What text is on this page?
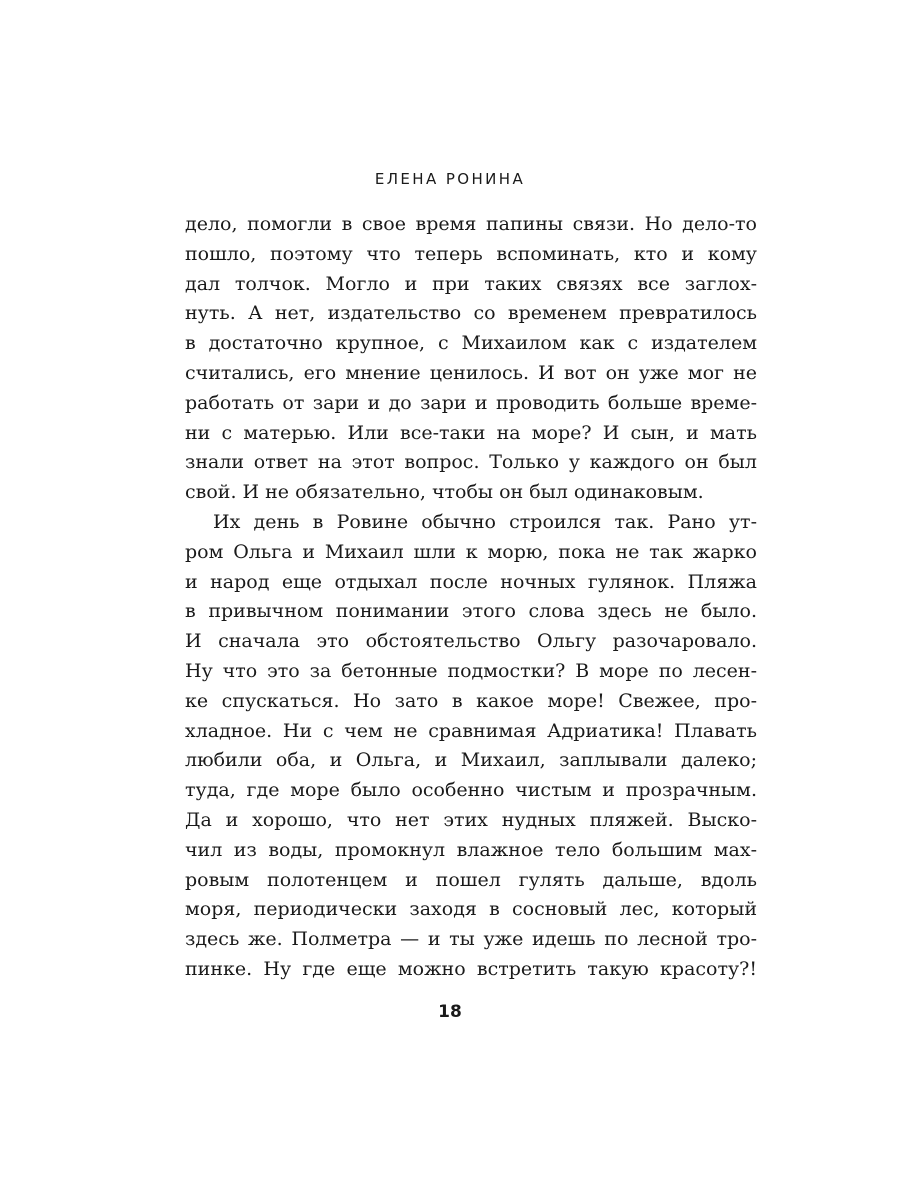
ЕЛЕНА РОНИНА
дело, помогли в свое время папины связи. Но дело-то
пошло, поэтому что теперь вспоминать, кто и кому
дал толчок. Могло и при таких связях все заглох-
нуть. А нет, издательство со временем превратилось
в достаточно крупное, с Михаилом как с издателем
считались, его мнение ценилось. И вот он уже мог не
работать от зари и до зари и проводить больше време-
ни с матерью. Или все-таки на море? И сын, и мать
знали ответ на этот вопрос. Только у каждого он был
свой. И не обязательно, чтобы он был одинаковым.
Их день в Ровине обычно строился так. Рано ут-
ром Ольга и Михаил шли к морю, пока не так жарко
и народ еще отдыхал после ночных гулянок. Пляжа
в привычном понимании этого слова здесь не было.
И сначала это обстоятельство Ольгу разочаровало.
Ну что это за бетонные подмостки? В море по лесен-
ке спускаться. Но зато в какое море! Свежее, про-
хладное. Ни с чем не сравнимая Адриатика! Плавать
любили оба, и Ольга, и Михаил, заплывали далеко;
туда, где море было особенно чистым и прозрачным.
Да и хорошо, что нет этих нудных пляжей. Выско-
чил из воды, промокнул влажное тело большим мах-
ровым полотенцем и пошел гулять дальше, вдоль
моря, периодически заходя в сосновый лес, который
здесь же. Полметра — и ты уже идешь по лесной тро-
пинке. Ну где еще можно встретить такую красоту?!
18
